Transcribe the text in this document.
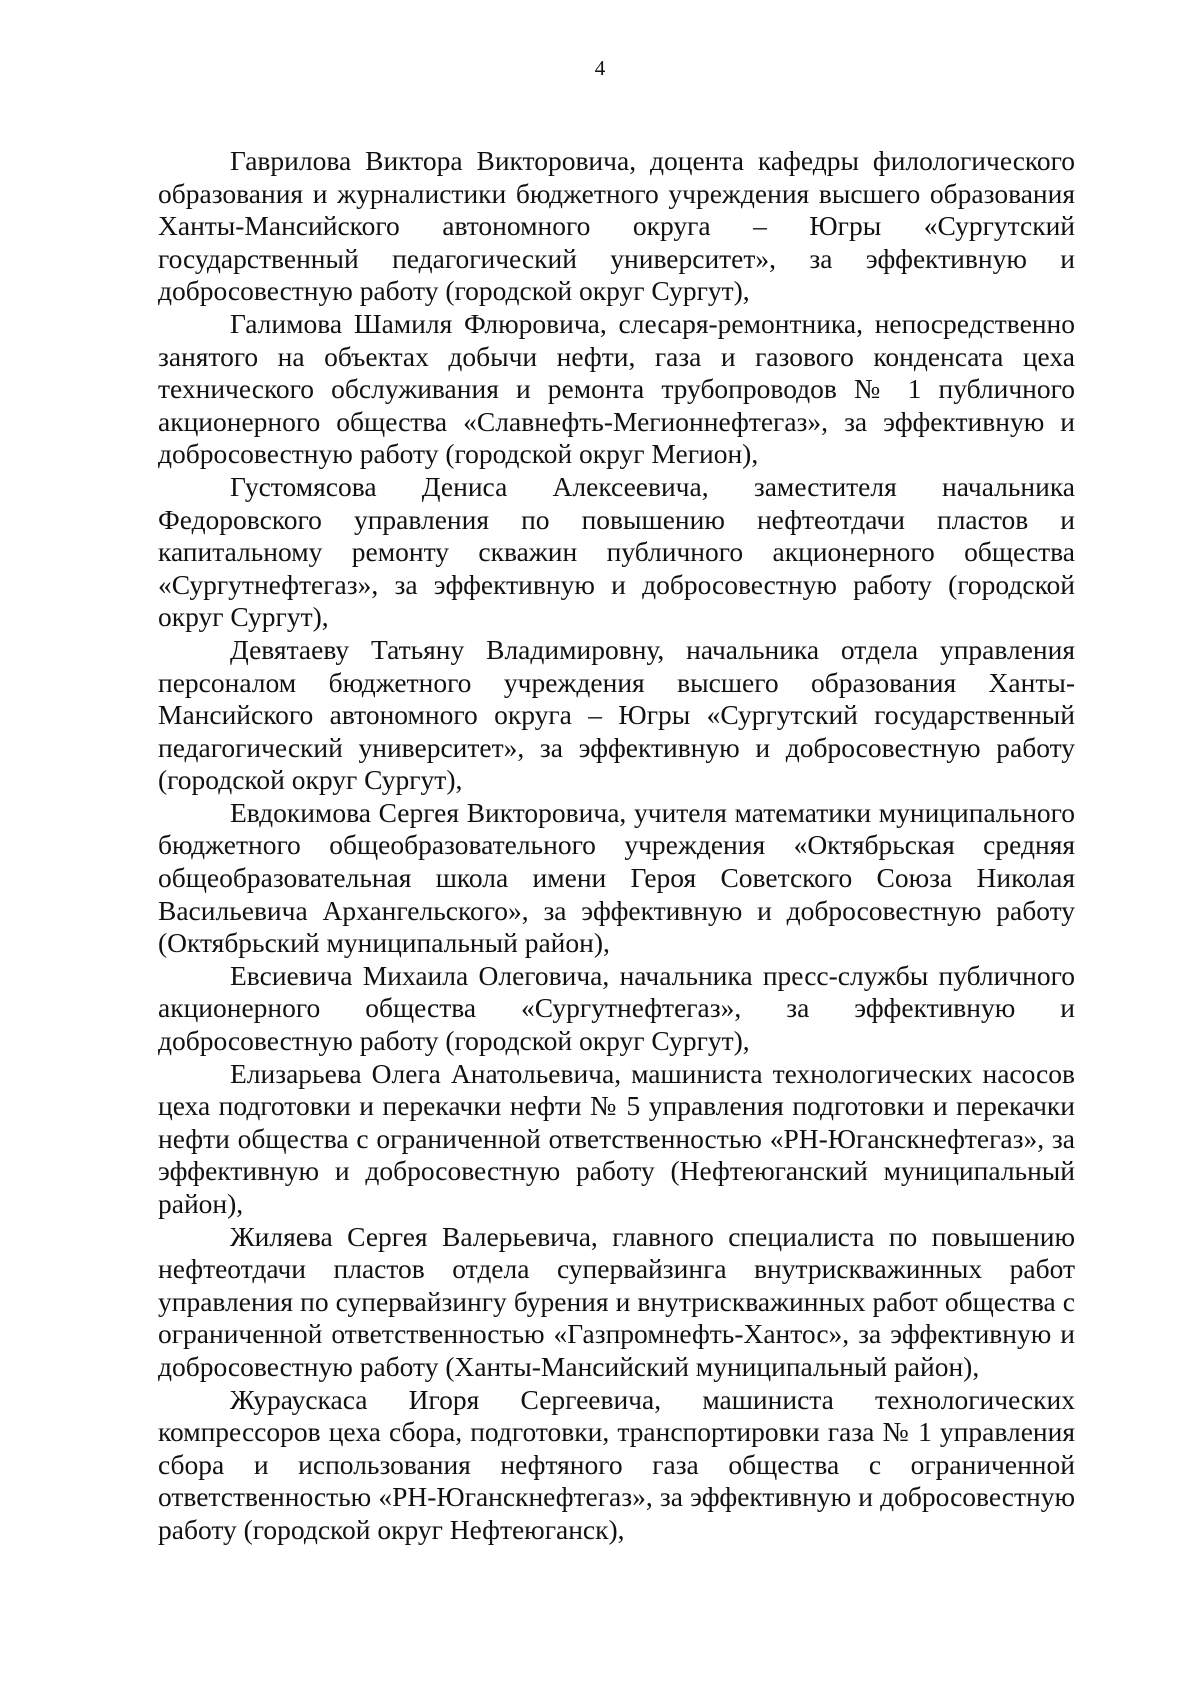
4

Гаврилова Виктора Викторовича, доцента кафедры филологического образования и журналистики бюджетного учреждения высшего образования Ханты-Мансийского автономного округа – Югры «Сургутский государственный педагогический университет», за эффективную и добросовестную работу (городской округ Сургут),

Галимова Шамиля Флюровича, слесаря-ремонтника, непосредственно занятого на объектах добычи нефти, газа и газового конденсата цеха технического обслуживания и ремонта трубопроводов № 1 публичного акционерного общества «Славнефть-Мегионнефтегаз», за эффективную и добросовестную работу (городской округ Мегион),

Густомясова Дениса Алексеевича, заместителя начальника Федоровского управления по повышению нефтеотдачи пластов и капитальному ремонту скважин публичного акционерного общества «Сургутнефтегаз», за эффективную и добросовестную работу (городской округ Сургут),

Девятаеву Татьяну Владимировну, начальника отдела управления персоналом бюджетного учреждения высшего образования Ханты-Мансийского автономного округа – Югры «Сургутский государственный педагогический университет», за эффективную и добросовестную работу (городской округ Сургут),

Евдокимова Сергея Викторовича, учителя математики муниципального бюджетного общеобразовательного учреждения «Октябрьская средняя общеобразовательная школа имени Героя Советского Союза Николая Васильевича Архангельского», за эффективную и добросовестную работу (Октябрьский муниципальный район),

Евсиевича Михаила Олеговича, начальника пресс-службы публичного акционерного общества «Сургутнефтегаз», за эффективную и добросовестную работу (городской округ Сургут),

Елизарьева Олега Анатольевича, машиниста технологических насосов цеха подготовки и перекачки нефти № 5 управления подготовки и перекачки нефти общества с ограниченной ответственностью «РН-Юганскнефтегаз», за эффективную и добросовестную работу (Нефтеюганский муниципальный район),

Жиляева Сергея Валерьевича, главного специалиста по повышению нефтеотдачи пластов отдела супервайзинга внутрискважинных работ управления по супервайзингу бурения и внутрискважинных работ общества с ограниченной ответственностью «Газпромнефть-Хантос», за эффективную и добросовестную работу (Ханты-Мансийский муниципальный район),

Жураускаса Игоря Сергеевича, машиниста технологических компрессоров цеха сбора, подготовки, транспортировки газа № 1 управления сбора и использования нефтяного газа общества с ограниченной ответственностью «РН-Юганскнефтегаз», за эффективную и добросовестную работу (городской округ Нефтеюганск),
